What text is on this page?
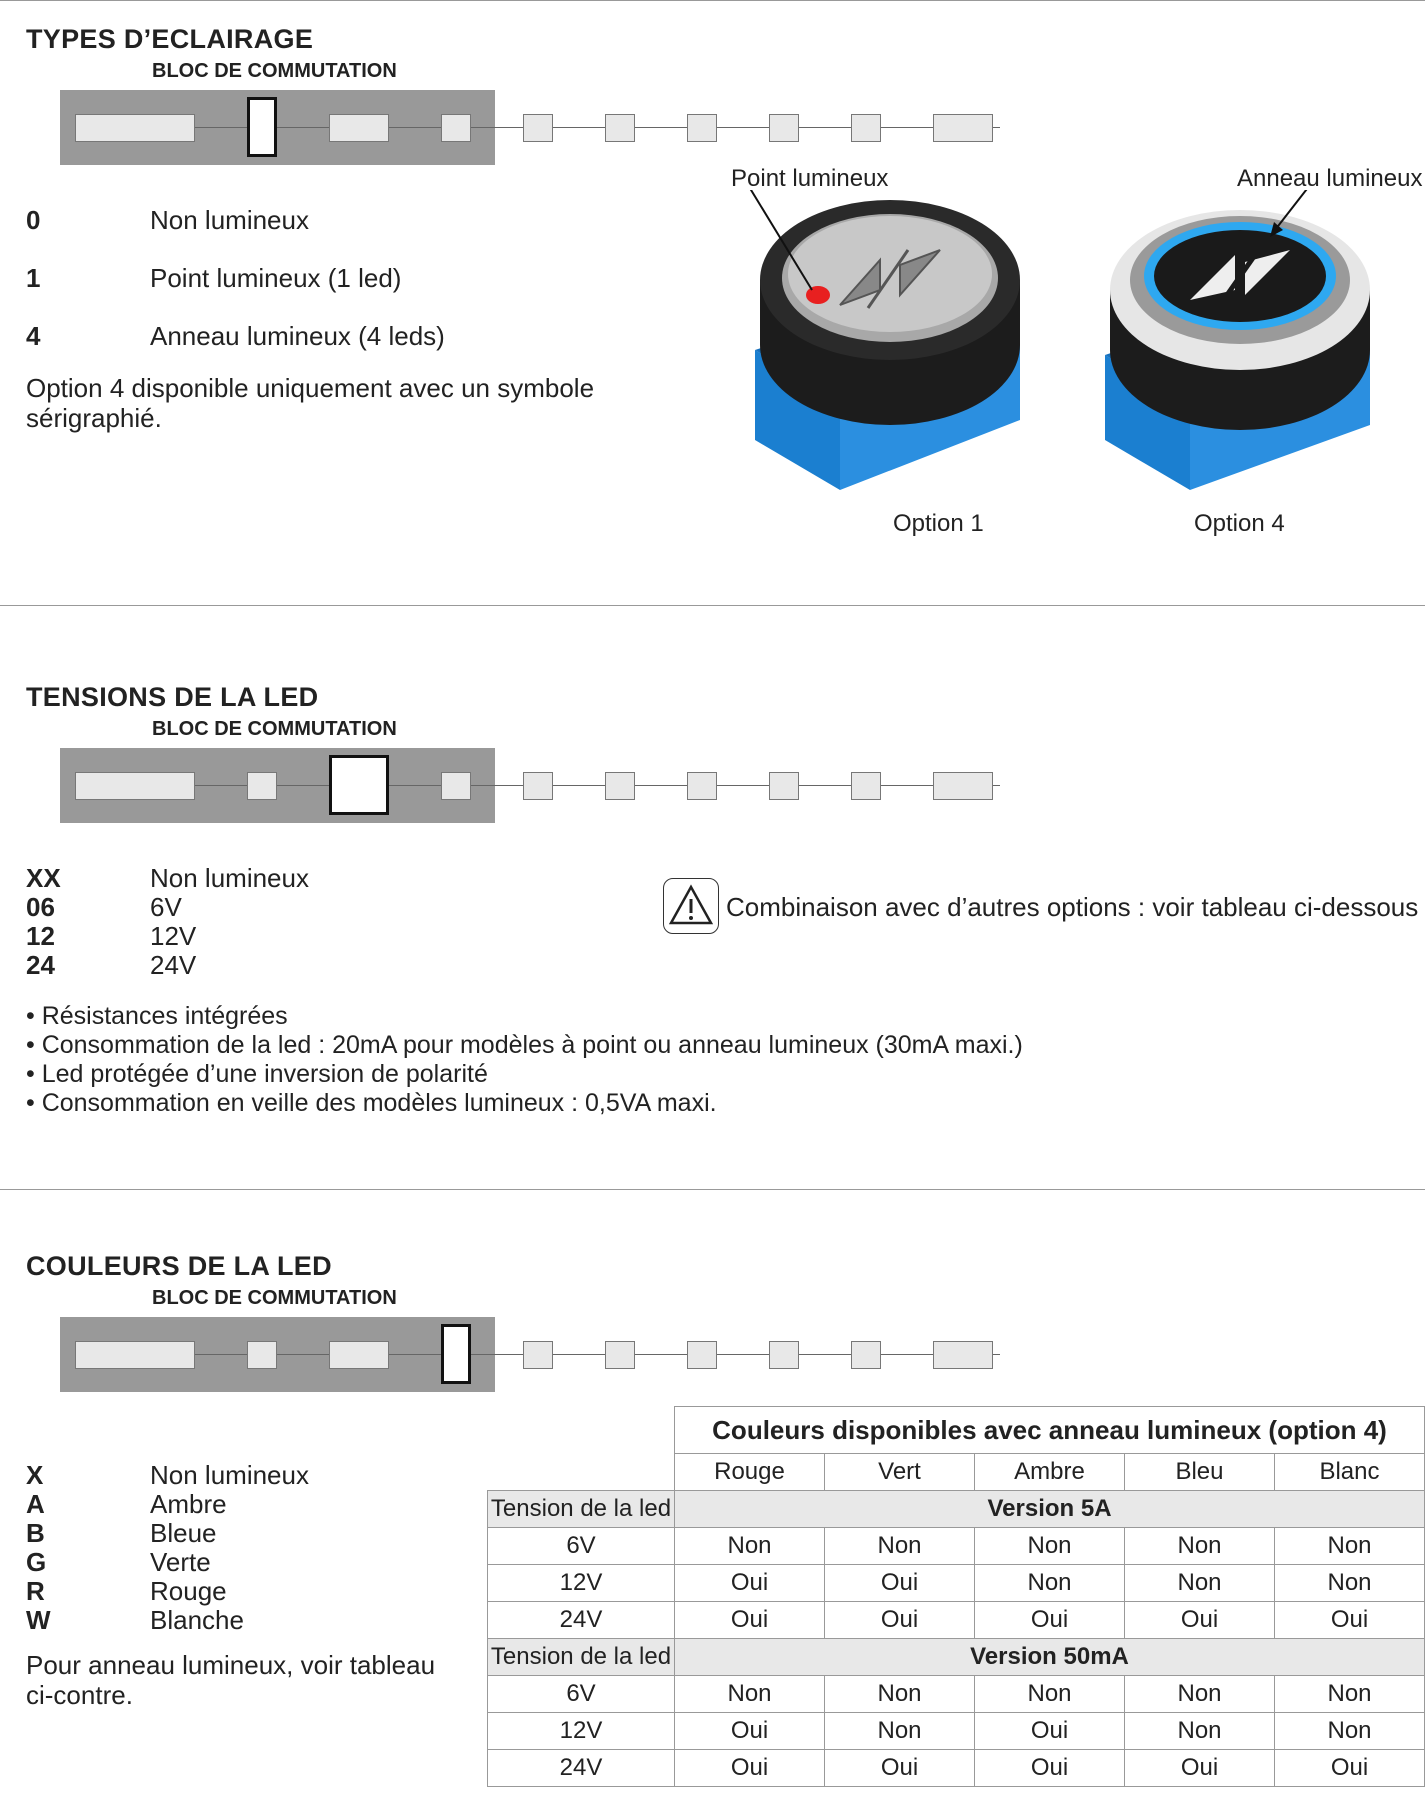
TYPES D’ECLAIRAGE
BLOC DE COMMUTATION
0	Non lumineux
1	Point lumineux (1 led)
4	Anneau lumineux (4 leds)
Option 4 disponible uniquement avec un symbole
sérigraphié.
Point lumineux	Anneau lumineux
Option 1	Option 4
TENSIONS DE LA LED
BLOC DE COMMUTATION
XX	Non lumineux
06	6V
12	12V
24	24V
Combinaison avec d’autres options : voir tableau ci-dessous
• Résistances intégrées
• Consommation de la led : 20mA pour modèles à point ou anneau lumineux (30mA maxi.)
• Led protégée d’une inversion de polarité
• Consommation en veille des modèles lumineux : 0,5VA maxi.
COULEURS DE LA LED
BLOC DE COMMUTATION
X	Non lumineux
A	Ambre
B	Bleue
G	Verte
R	Rouge
W	Blanche
Pour anneau lumineux, voir tableau
ci-contre.
	Couleurs disponibles avec anneau lumineux (option 4)				
	Rouge	Vert	Ambre	Bleu	Blanc
Tension de la led	Version 5A				
6V	Non	Non	Non	Non	Non
12V	Oui	Oui	Non	Non	Non
24V	Oui	Oui	Oui	Oui	Oui
Tension de la led	Version 50mA				
6V	Non	Non	Non	Non	Non
12V	Oui	Non	Oui	Non	Non
24V	Oui	Oui	Oui	Oui	Oui
